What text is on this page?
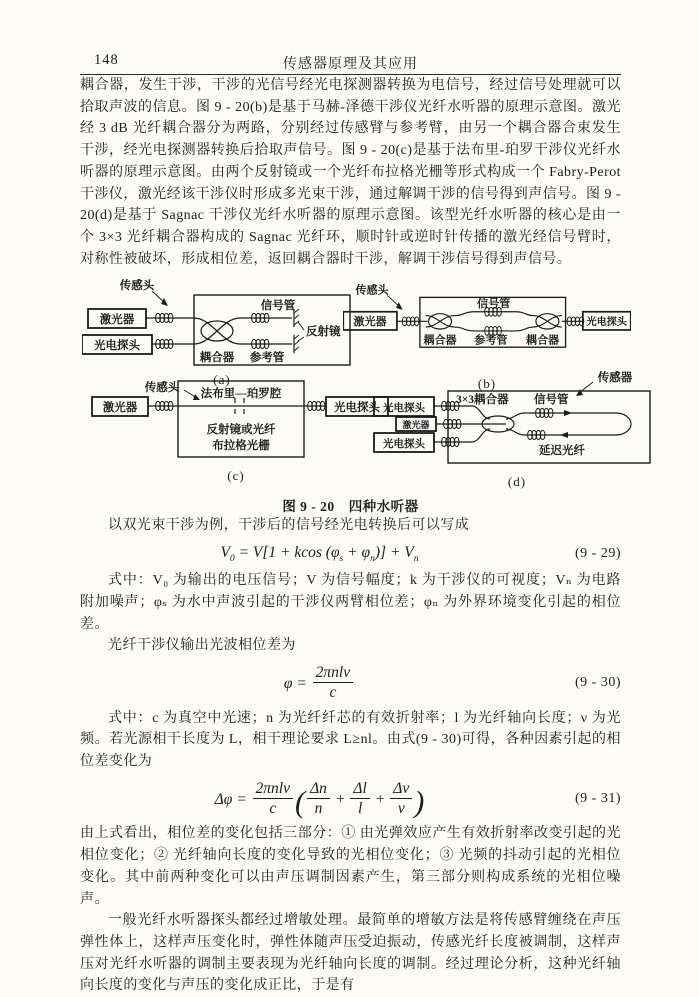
148	传感器原理及其应用

耦合器，发生干涉，干涉的光信号经光电探测器转换为电信号，经过信号处理就可以拾取声波的信息。图 9 - 20(b)是基于马赫-泽德干涉仪光纤水听器的原理示意图。激光经 3 dB 光纤耦合器分为两路，分别经过传感臂与参考臂，由另一个耦合器合束发生干涉，经光电探测器转换后拾取声信号。图 9 - 20(c)是基于法布里-珀罗干涉仪光纤水听器的原理示意图。由两个反射镜或一个光纤布拉格光栅等形式构成一个 Fabry-Perot 干涉仪，激光经该干涉仪时形成多光束干涉，通过解调干涉的信号得到声信号。图 9 - 20(d)是基于 Sagnac 干涉仪光纤水听器的原理示意图。该型光纤水听器的核心是由一个 3×3 光纤耦合器构成的 Sagnac 光纤环，顺时针或逆时针传播的激光经信号臂时，对称性被破坏，形成相位差，返回耦合器时干涉，解调干涉信号得到声信号。

传感头
激光器
光电探头
信号管
反射镜
耦合器 参考管
(a)
传感头
激光器
信号管
光电探头
耦合器 参考管 耦合器
(b)
传感头
激光器
法布里—珀罗腔
光电探头
反射镜或光纤
布拉格光栅
(c)
传感器
光电探头
激光器
光电探头
3×3耦合器 信号管
延迟光纤
(d)
图 9 - 20 四种水听器

以双光束干涉为例，干涉后的信号经光电转换后可以写成

$V_0 = V[1 + kcos$ $(\varphi_s + \varphi_n)] + V_n$	(9 - 29)

式中：V₀ 为输出的电压信号；V 为信号幅度；k 为干涉仪的可视度；Vₙ 为电路附加噪声；φₛ 为水中声波引起的干涉仪两臂相位差；φₙ 为外界环境变化引起的相位差。

光纤干涉仪输出光波相位差为

$\varphi = \frac{\text{2πnlν}}{c}$	(9 - 30)

式中：c 为真空中光速；n 为光纤纤芯的有效折射率；l 为光纤轴向长度；ν 为光频。若光源相干长度为 L，相干理论要求 L≥nl。由式(9 - 30)可得，各种因素引起的相位差变化为

$\Delta\varphi = \frac{\text{2πnlν}}{c}$ ( $\frac{\Delta n}{n} + \frac{\Delta l}{l} + \frac{\Delta\nu}{\nu}$ )	(9 - 31)

由上式看出，相位差的变化包括三部分：① 由光弹效应产生有效折射率改变引起的光相位变化；② 光纤轴向长度的变化导致的光相位变化；③ 光频的抖动引起的光相位变化。其中前两种变化可以由声压调制因素产生，第三部分则构成系统的光相位噪声。

一般光纤水听器探头都经过增敏处理。最简单的增敏方法是将传感臂缠绕在声压弹性体上，这样声压变化时，弹性体随声压受迫振动，传感光纤长度被调制，这样声压对光纤水听器的调制主要表现为光纤轴向长度的调制。经过理论分析，这种光纤轴向长度的变化与声压的变化成正比，于是有
